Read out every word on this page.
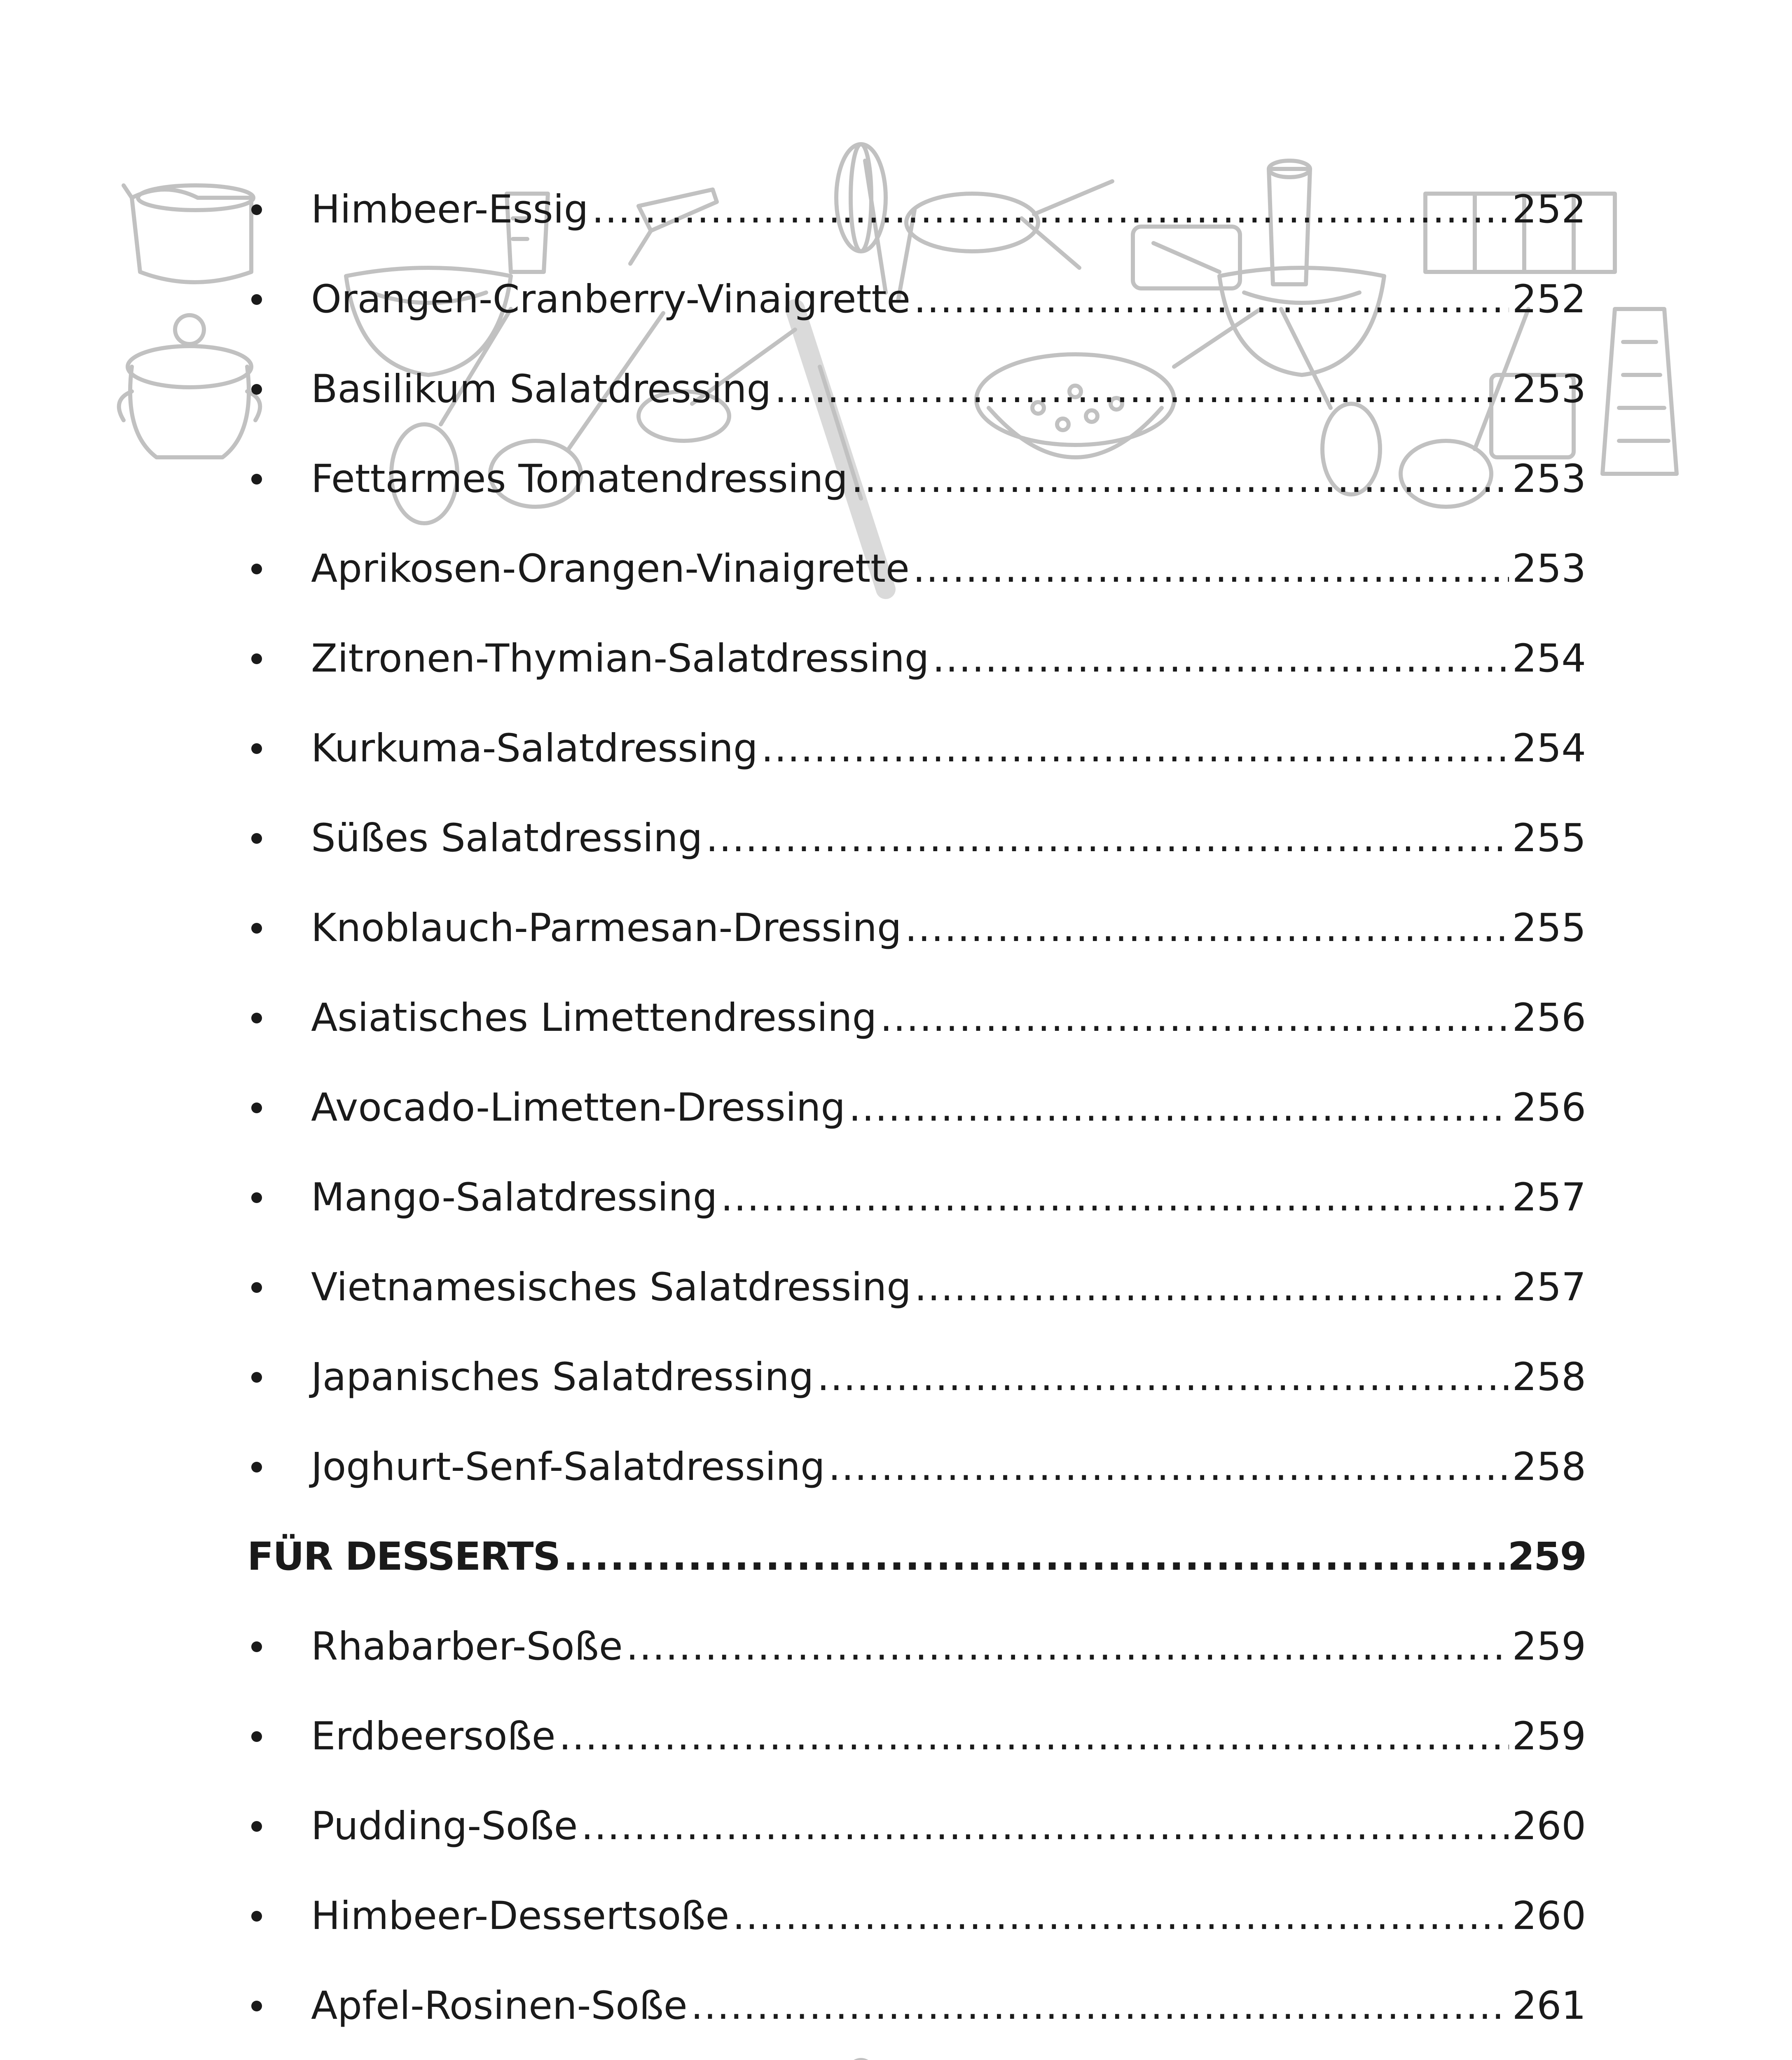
Himbeer-Essig .....	252
Orangen-Cranberry-Vinaigrette .....	252
Basilikum Salatdressing .....	253
Fettarmes Tomatendressing .....	253
Aprikosen-Orangen-Vinaigrette .....	253
Zitronen-Thymian-Salatdressing .....	254
Kurkuma-Salatdressing .....	254
Süßes Salatdressing .....	255
Knoblauch-Parmesan-Dressing .....	255
Asiatisches Limettendressing .....	256
Avocado-Limetten-Dressing .....	256
Mango-Salatdressing .....	257
Vietnamesisches Salatdressing .....	257
Japanisches Salatdressing .....	258
Joghurt-Senf-Salatdressing .....	258
FÜR DESSERTS .....	259
Rhabarber-Soße .....	259
Erdbeersoße .....	259
Pudding-Soße .....	260
Himbeer-Dessertsoße .....	260
Apfel-Rosinen-Soße .....	261
